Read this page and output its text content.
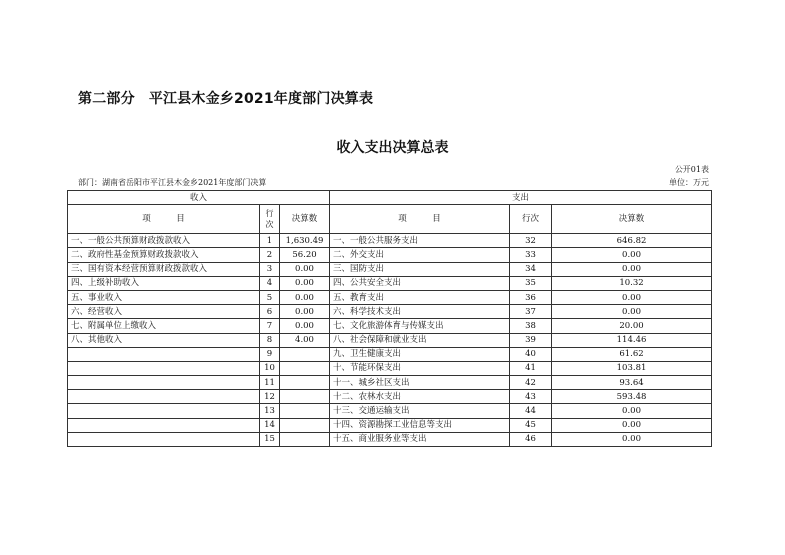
第二部分 平江县木金乡2021年度部门决算表
收入支出决算总表
公开01表
部门：湖南省岳阳市平江县木金乡2021年度部门决算	单位：万元
收入			支出		
项　　　目	行次	决算数	项　　　目	行次	决算数
一、一般公共预算财政拨款收入	1	1,630.49	一、一般公共服务支出	32	646.82
二、政府性基金预算财政拨款收入	2	56.20	二、外交支出	33	0.00
三、国有资本经营预算财政拨款收入	3	0.00	三、国防支出	34	0.00
四、上级补助收入	4	0.00	四、公共安全支出	35	10.32
五、事业收入	5	0.00	五、教育支出	36	0.00
六、经营收入	6	0.00	六、科学技术支出	37	0.00
七、附属单位上缴收入	7	0.00	七、文化旅游体育与传媒支出	38	20.00
八、其他收入	8	4.00	八、社会保障和就业支出	39	114.46
	9		九、卫生健康支出	40	61.62
	10		十、节能环保支出	41	103.81
	11		十一、城乡社区支出	42	93.64
	12		十二、农林水支出	43	593.48
	13		十三、交通运输支出	44	0.00
	14		十四、资源勘探工业信息等支出	45	0.00
	15		十五、商业服务业等支出	46	0.00
